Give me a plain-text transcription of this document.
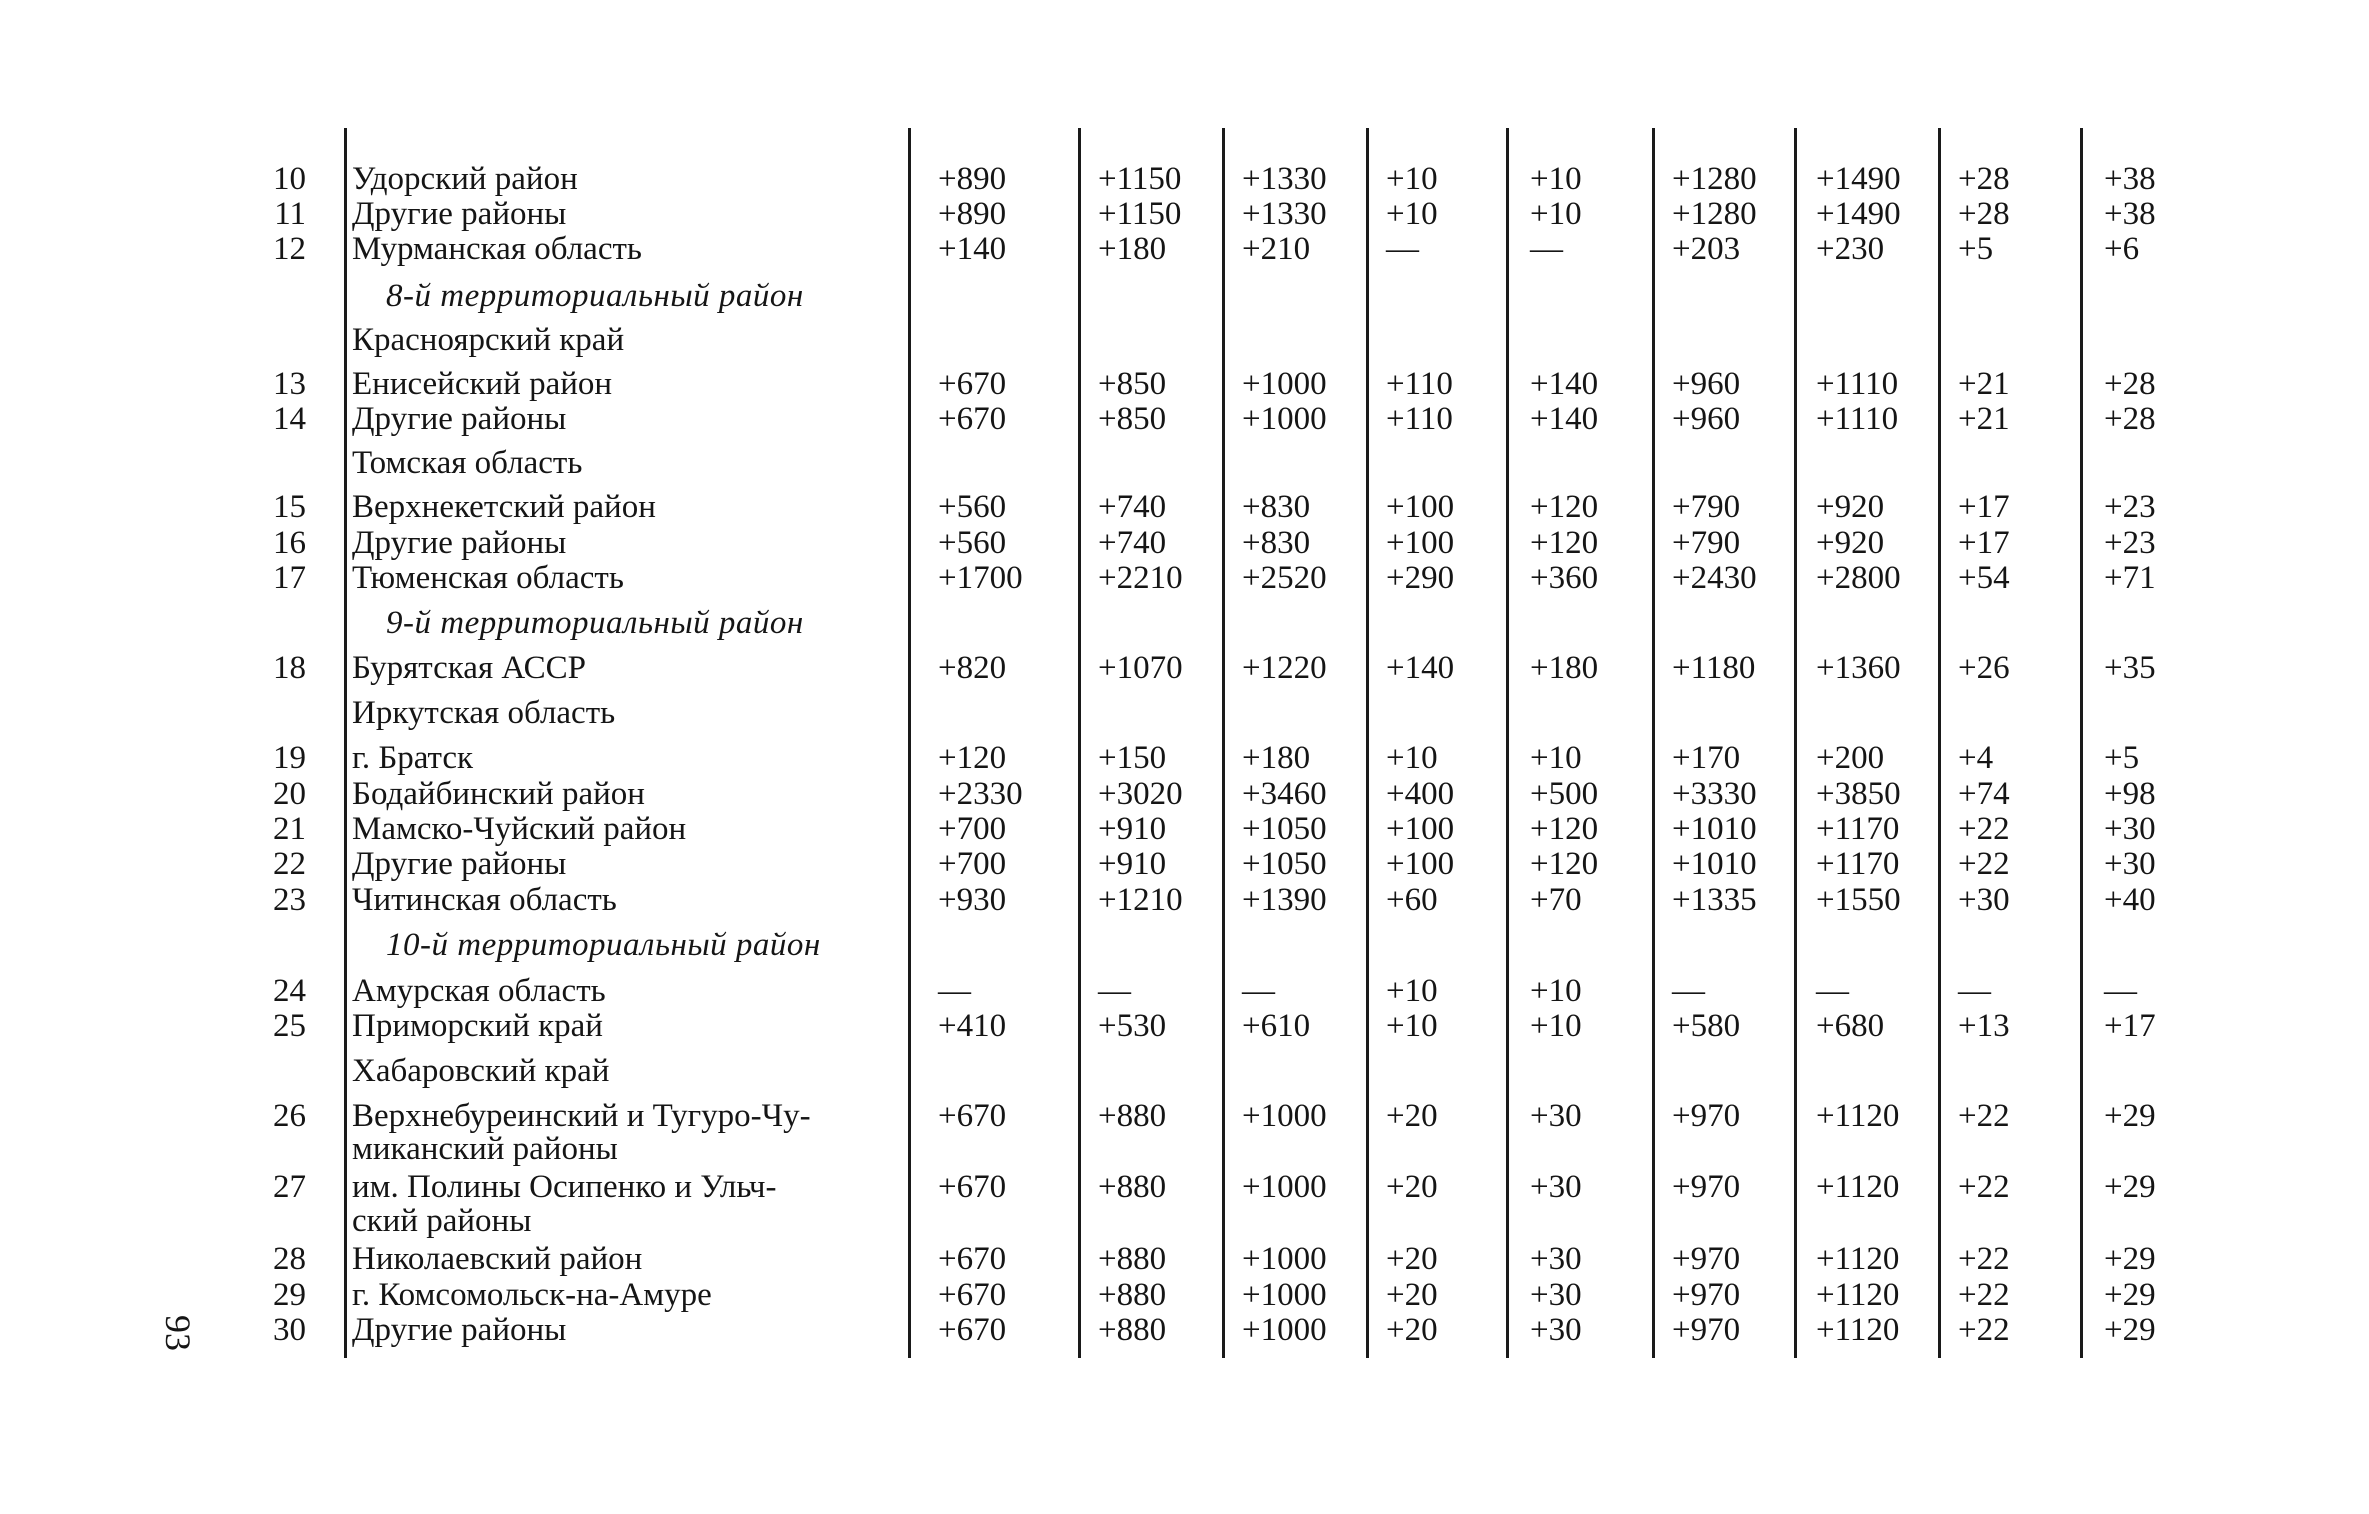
10 Удорский район	+890	+1150 +1330 +10	+10	+1280 +1490 +28	+38
11 Другие районы	+890	+1150 +1330 +10	+10	+1280 +1490 +28	+38
12 Мурманская область	+140	+180 +210 —	—	+203 +230 +5	+6
8-й территориальный район
Красноярский край
13 Енисейский район	+670	+850 +1000 +110 +140 +960 +1110 +21	+28
14 Другие районы	+670	+850 +1000 +110 +140 +960 +1110 +21	+28
Томская область
15 Верхнекетский район	+560	+740 +830 +100 +120 +790 +920 +17	+23
16 Другие районы	+560	+740 +830 +100 +120 +790 +920 +17	+23
17 Тюменская область	+1700 +2210 +2520 +290 +360 +2430 +2800 +54	+71
9-й территориальный район
18 Бурятская АССР	+820	+1070 +1220 +140 +180 +1180 +1360 +26	+35
Иркутская область
19 г. Братск	+120	+150 +180 +10	+10	+170 +200 +4	+5
20 Бодайбинский район	+2330 +3020 +3460 +400 +500 +3330 +3850 +74	+98
21 Мамско-Чуйский район	+700	+910 +1050 +100 +120 +1010 +1170 +22	+30
22 Другие районы	+700	+910 +1050 +100 +120 +1010 +1170 +22	+30
23 Читинская область	+930	+1210 +1390 +60	+70	+1335 +1550 +30	+40
10-й территориальный район
24 Амурская область	—	—	—	+10	+10	—	—	—	—
25 Приморский край	+410	+530 +610 +10	+10	+580 +680 +13	+17
Хабаровский край
26 Верхнебуреинский и Тугуро-Чу-	+670	+880 +1000 +20	+30	+970 +1120 +22	+29
миканский районы
27 им. Полины Осипенко и Ульч-	+670	+880 +1000 +20	+30	+970 +1120 +22	+29
ский районы
28 Николаевский район	+670	+880 +1000 +20	+30	+970 +1120 +22	+29
29 г. Комсомольск-на-Амуре	+670	+880 +1000 +20	+30	+970 +1120 +22	+29
30 Другие районы	+670	+880 +1000 +20	+30	+970 +1120 +22	+29
93
